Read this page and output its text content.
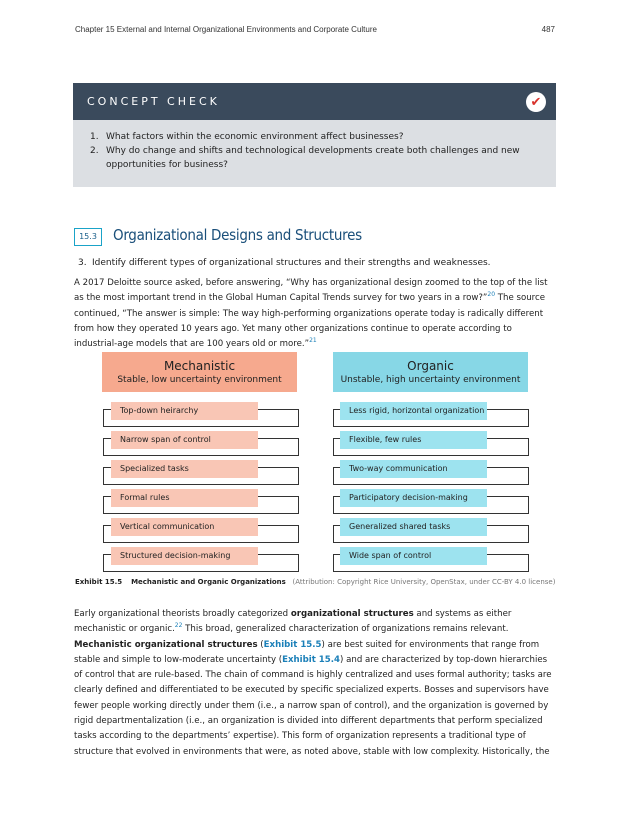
Chapter 15 External and Internal Organizational Environments and Corporate Culture	487
CONCEPT CHECK	✔
1. What factors within the economic environment affect businesses?
2. Why do change and shifts and technological developments create both challenges and new opportunities for business?
15.3	Organizational Designs and Structures
3. Identify different types of organizational structures and their strengths and weaknesses.
A 2017 Deloitte source asked, before answering, “Why has organizational design zoomed to the top of the list as the most important trend in the Global Human Capital Trends survey for two years in a row?”$^{20}$ The source continued, “The answer is simple: The way high-performing organizations operate today is radically different from how they operated 10 years ago. Yet many other organizations continue to operate according to industrial-age models that are 100 years old or more.”$^{21}$
Mechanistic
Stable, low uncertainty environment
Organic
Unstable, high uncertainty environment
Top-down heirarchy
Narrow span of control
Specialized tasks
Formal rules
Vertical communication
Structured decision-making
Less rigid, horizontal organization
Flexible, few rules
Two-way communication
Participatory decision-making
Generalized shared tasks
Wide span of control
Exhibit 15.5 Mechanistic and Organic Organizations (Attribution: Copyright Rice University, OpenStax, under CC-BY 4.0 license)
Early organizational theorists broadly categorized organizational structures and systems as either mechanistic or organic.$^{22}$ This broad, generalized characterization of organizations remains relevant. Mechanistic organizational structures (Exhibit 15.5) are best suited for environments that range from stable and simple to low-moderate uncertainty (Exhibit 15.4) and are characterized by top-down hierarchies of control that are rule-based. The chain of command is highly centralized and uses formal authority; tasks are clearly defined and differentiated to be executed by specific specialized experts. Bosses and supervisors have fewer people working directly under them (i.e., a narrow span of control), and the organization is governed by rigid departmentalization (i.e., an organization is divided into different departments that perform specialized tasks according to the departments’ expertise). This form of organization represents a traditional type of structure that evolved in environments that were, as noted above, stable with low complexity. Historically, the
